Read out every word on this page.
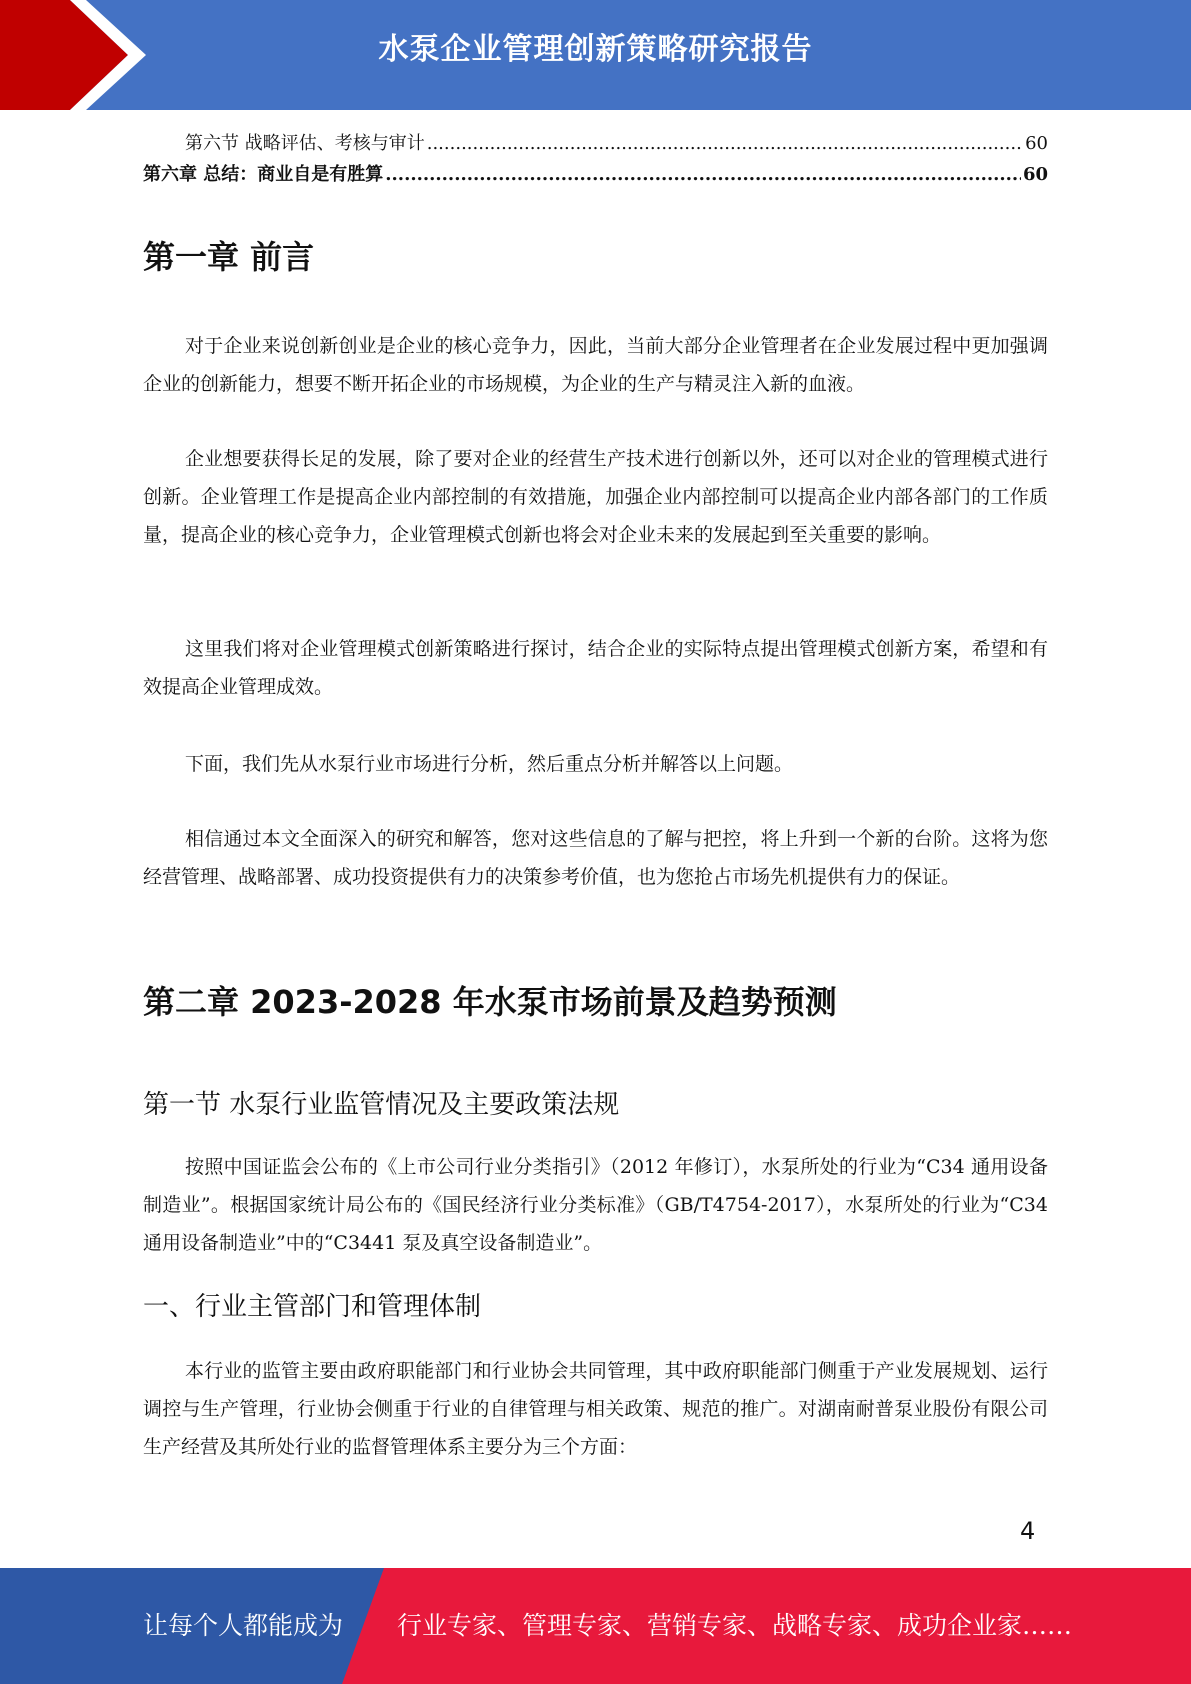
水泵企业管理创新策略研究报告
第六节 战略评估、考核与审计 .....	60
第六章 总结：商业自是有胜算 .....	60
第一章 前言
对于企业来说创新创业是企业的核心竞争力，因此，当前大部分企业管理者在企业发展过程中更加强调企业的创新能力，想要不断开拓企业的市场规模，为企业的生产与精灵注入新的血液。
企业想要获得长足的发展，除了要对企业的经营生产技术进行创新以外，还可以对企业的管理模式进行创新。企业管理工作是提高企业内部控制的有效措施，加强企业内部控制可以提高企业内部各部门的工作质量，提高企业的核心竞争力，企业管理模式创新也将会对企业未来的发展起到至关重要的影响。
这里我们将对企业管理模式创新策略进行探讨，结合企业的实际特点提出管理模式创新方案，希望和有效提高企业管理成效。
下面，我们先从水泵行业市场进行分析，然后重点分析并解答以上问题。
相信通过本文全面深入的研究和解答，您对这些信息的了解与把控，将上升到一个新的台阶。这将为您经营管理、战略部署、成功投资提供有力的决策参考价值，也为您抢占市场先机提供有力的保证。
第二章 2023-2028 年水泵市场前景及趋势预测
第一节 水泵行业监管情况及主要政策法规
按照中国证监会公布的《上市公司行业分类指引》（2012 年修订），水泵所处的行业为“C34 通用设备制造业”。根据国家统计局公布的《国民经济行业分类标准》（GB/T4754-2017），水泵所处的行业为“C34 通用设备制造业”中的“C3441 泵及真空设备制造业”。
一、行业主管部门和管理体制
本行业的监管主要由政府职能部门和行业协会共同管理，其中政府职能部门侧重于产业发展规划、运行调控与生产管理，行业协会侧重于行业的自律管理与相关政策、规范的推广。对湖南耐普泵业股份有限公司生产经营及其所处行业的监督管理体系主要分为三个方面：
4
让每个人都能成为 行业专家、管理专家、营销专家、战略专家、成功企业家……
